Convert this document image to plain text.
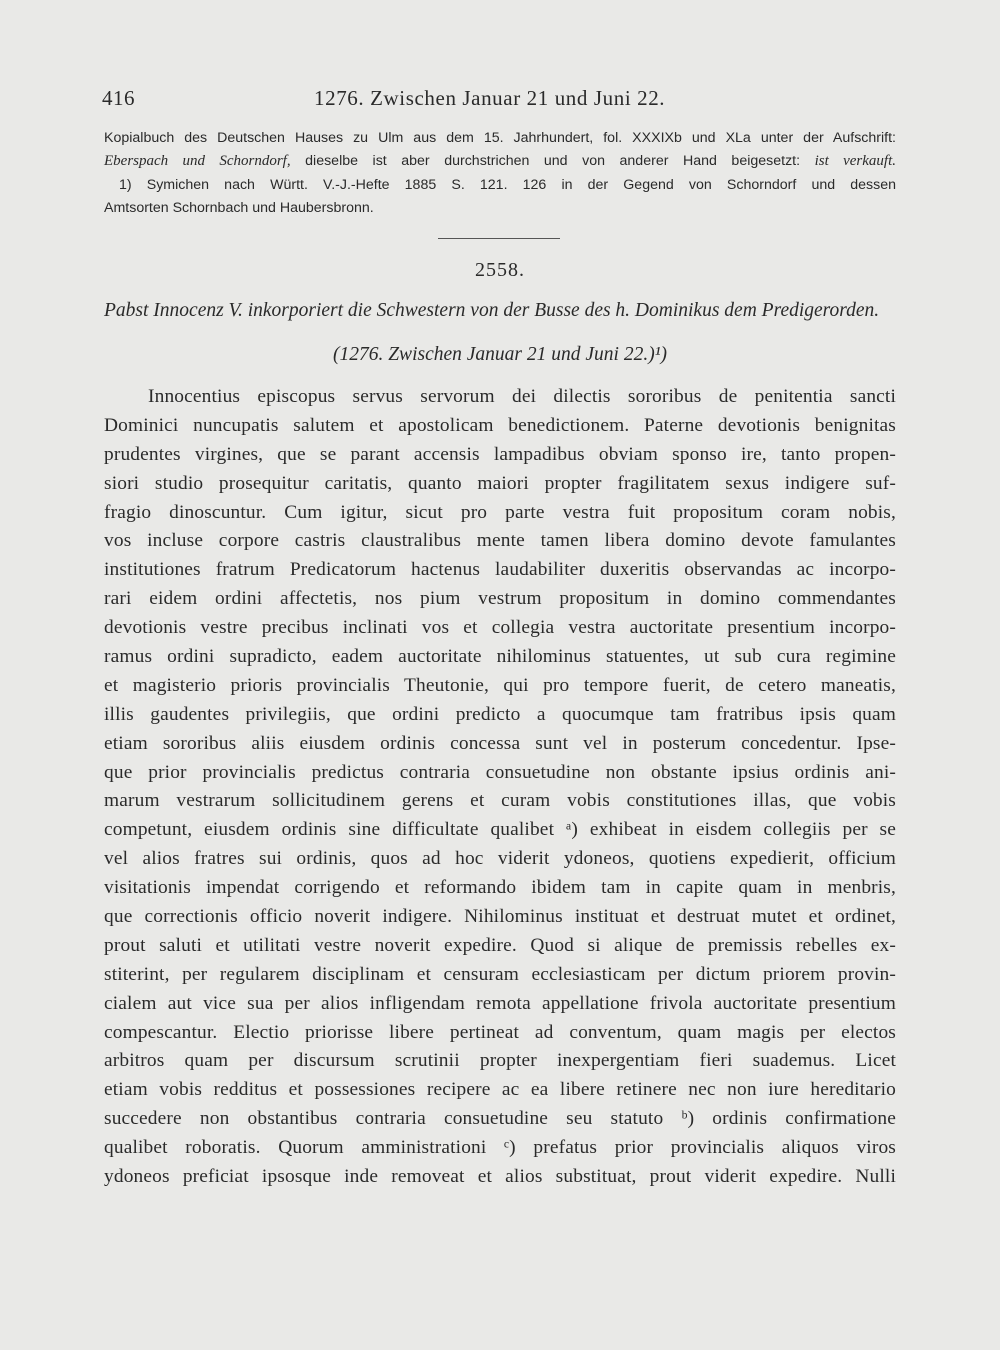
416	1276. Zwischen Januar 21 und Juni 22.

Kopialbuch des Deutschen Hauses zu Ulm aus dem 15. Jahrhundert, fol. XXXIXb und XLa unter der Aufschrift:

Eberspach und Schorndorf, dieselbe ist aber durchstrichen und von anderer Hand beigesetzt: ist verkauft.

1) Symichen nach Württ. V.-J.-Hefte 1885 S. 121. 126 in der Gegend von Schorndorf und dessen

Amtsorten Schornbach und Haubersbronn.

2558.
Pabst Innocenz V. inkorporiert die Schwestern von der Busse des h. Dominikus dem Predigerorden.
(1276. Zwischen Januar 21 und Juni 22.)¹)
Innocentius episcopus servus servorum dei dilectis sororibus de penitentia sancti
Dominici nuncupatis salutem et apostolicam benedictionem. Paterne devotionis benignitas
prudentes virgines, que se parant accensis lampadibus obviam sponso ire, tanto propen-
siori studio prosequitur caritatis, quanto maiori propter fragilitatem sexus indigere suf-
fragio dinoscuntur. Cum igitur, sicut pro parte vestra fuit propositum coram nobis,
vos incluse corpore castris claustralibus mente tamen libera domino devote famulantes
institutiones fratrum Predicatorum hactenus laudabiliter duxeritis observandas ac incorpo-
rari eidem ordini affectetis, nos pium vestrum propositum in domino commendantes
devotionis vestre precibus inclinati vos et collegia vestra auctoritate presentium incorpo-
ramus ordini supradicto, eadem auctoritate nihilominus statuentes, ut sub cura regimine
et magisterio prioris provincialis Theutonie, qui pro tempore fuerit, de cetero maneatis,
illis gaudentes privilegiis, que ordini predicto a quocumque tam fratribus ipsis quam
etiam sororibus aliis eiusdem ordinis concessa sunt vel in posterum concedentur. Ipse-
que prior provincialis predictus contraria consuetudine non obstante ipsius ordinis ani-
marum vestrarum sollicitudinem gerens et curam vobis constitutiones illas, que vobis
competunt, eiusdem ordinis sine difficultate qualibet ᵃ) exhibeat in eisdem collegiis per se
vel alios fratres sui ordinis, quos ad hoc viderit ydoneos, quotiens expedierit, officium
visitationis impendat corrigendo et reformando ibidem tam in capite quam in menbris,
que correctionis officio noverit indigere. Nihilominus instituat et destruat mutet et ordinet,
prout saluti et utilitati vestre noverit expedire. Quod si alique de premissis rebelles ex-
stiterint, per regularem disciplinam et censuram ecclesiasticam per dictum priorem provin-
cialem aut vice sua per alios infligendam remota appellatione frivola auctoritate presentium
compescantur. Electio priorisse libere pertineat ad conventum, quam magis per electos
arbitros quam per discursum scrutinii propter inexpergentiam fieri suademus. Licet
etiam vobis redditus et possessiones recipere ac ea libere retinere nec non iure hereditario
succedere non obstantibus contraria consuetudine seu statuto ᵇ) ordinis confirmatione
qualibet roboratis. Quorum amministrationi ᶜ) prefatus prior provincialis aliquos viros
ydoneos preficiat ipsosque inde removeat et alios substituat, prout viderit expedire. Nulli
